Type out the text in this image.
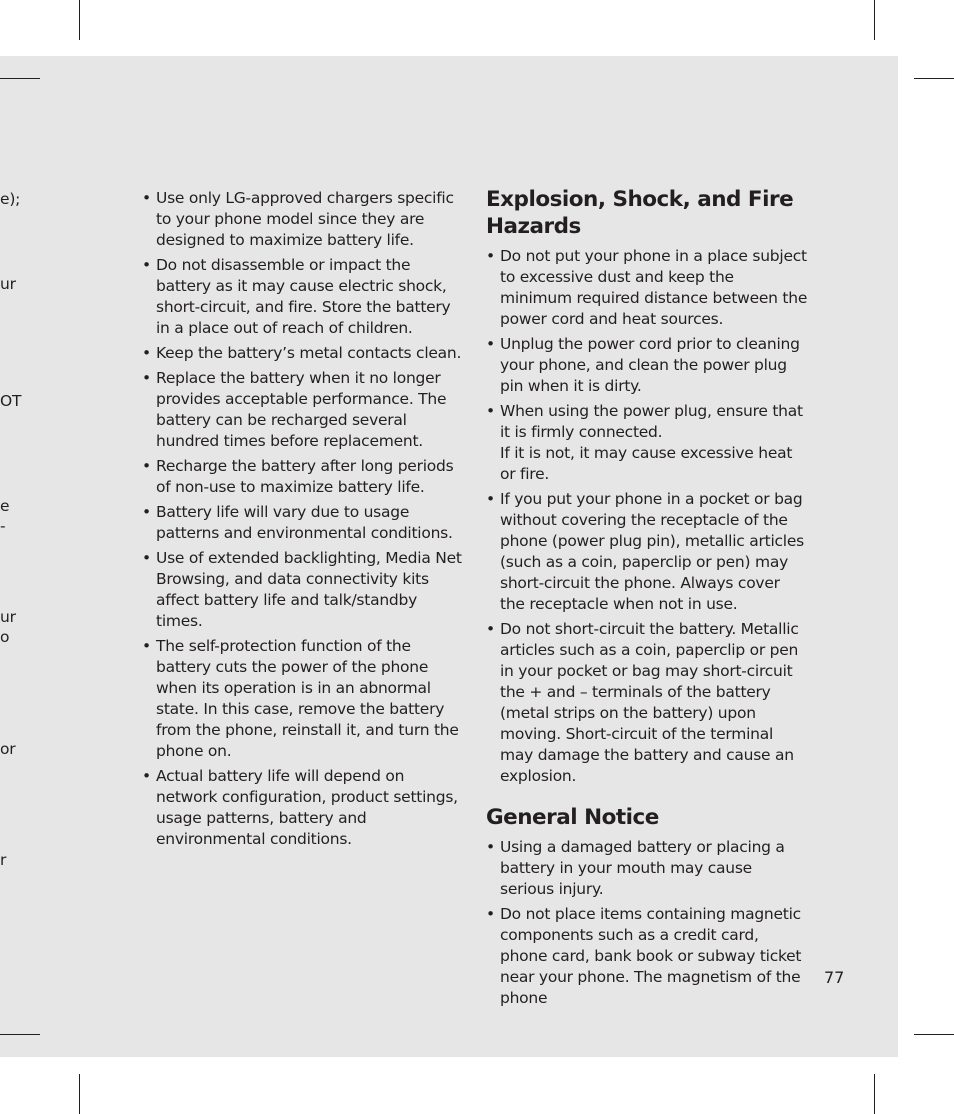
e);
ur
OT
e
-
ur
o
or
r
• Use only LG-approved chargers specific to your phone model since they are designed to maximize battery life.
• Do not disassemble or impact the battery as it may cause electric shock, short-circuit, and fire. Store the battery in a place out of reach of children.
• Keep the battery’s metal contacts clean.
• Replace the battery when it no longer provides acceptable performance. The battery can be recharged several hundred times before replacement.
• Recharge the battery after long periods of non-use to maximize battery life.
• Battery life will vary due to usage patterns and environmental conditions.
• Use of extended backlighting, Media Net Browsing, and data connectivity kits affect battery life and talk/standby times.
• The self-protection function of the battery cuts the power of the phone when its operation is in an abnormal state. In this case, remove the battery from the phone, reinstall it, and turn the phone on.
• Actual battery life will depend on network configuration, product settings, usage patterns, battery and environmental conditions.
Explosion, Shock, and Fire Hazards
• Do not put your phone in a place subject to excessive dust and keep the minimum required distance between the power cord and heat sources.
• Unplug the power cord prior to cleaning your phone, and clean the power plug pin when it is dirty.
• When using the power plug, ensure that it is firmly connected.
If it is not, it may cause excessive heat or fire.
• If you put your phone in a pocket or bag without covering the receptacle of the phone (power plug pin), metallic articles (such as a coin, paperclip or pen) may short-circuit the phone. Always cover the receptacle when not in use.
• Do not short-circuit the battery. Metallic articles such as a coin, paperclip or pen in your pocket or bag may short-circuit the + and – terminals of the battery (metal strips on the battery) upon moving. Short-circuit of the terminal may damage the battery and cause an explosion.
General Notice
• Using a damaged battery or placing a battery in your mouth may cause serious injury.
• Do not place items containing magnetic components such as a credit card, phone card, bank book or subway ticket near your phone. The magnetism of the phone
77
